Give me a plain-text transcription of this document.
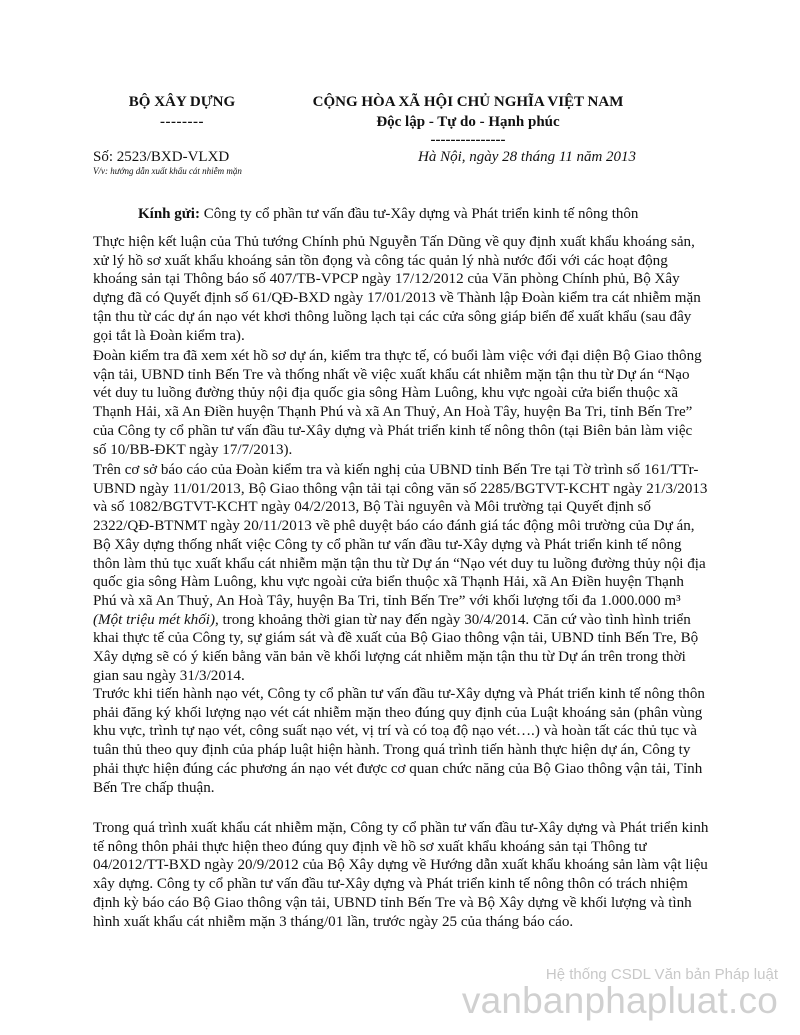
BỘ XÂY DỰNG
--------
CỘNG HÒA XÃ HỘI CHỦ NGHĨA VIỆT NAM
Độc lập - Tự do - Hạnh phúc
---------------
Số: 2523/BXD-VLXD
V/v: hướng dẫn xuất khẩu cát nhiễm mặn
Hà Nội, ngày 28 tháng 11 năm 2013
Kính gửi: Công ty cổ phần tư vấn đầu tư-Xây dựng và Phát triển kinh tế nông thôn
Thực hiện kết luận của Thủ tướng Chính phủ Nguyễn Tấn Dũng về quy định xuất khẩu khoáng sản, xử lý hồ sơ xuất khẩu khoáng sản tồn đọng và công tác quản lý nhà nước đối với các hoạt động khoáng sản tại Thông báo số 407/TB-VPCP ngày 17/12/2012 của Văn phòng Chính phủ, Bộ Xây dựng đã có Quyết định số 61/QĐ-BXD ngày 17/01/2013 về Thành lập Đoàn kiểm tra cát nhiễm mặn tận thu từ các dự án nạo vét khơi thông luồng lạch tại các cửa sông giáp biển để xuất khẩu (sau đây gọi tắt là Đoàn kiểm tra).
Đoàn kiểm tra đã xem xét hồ sơ dự án, kiểm tra thực tế, có buổi làm việc với đại diện Bộ Giao thông vận tải, UBND tỉnh Bến Tre và thống nhất về việc xuất khẩu cát nhiễm mặn tận thu từ Dự án “Nạo vét duy tu luồng đường thủy nội địa quốc gia sông Hàm Luông, khu vực ngoài cửa biển thuộc xã Thạnh Hải, xã An Điền huyện Thạnh Phú và xã An Thuỷ, An Hoà Tây, huyện Ba Tri, tỉnh Bến Tre” của Công ty cổ phần tư vấn đầu tư-Xây dựng và Phát triển kinh tế nông thôn (tại Biên bản làm việc số 10/BB-ĐKT ngày 17/7/2013).
Trên cơ sở báo cáo của Đoàn kiểm tra và kiến nghị của UBND tỉnh Bến Tre tại Tờ trình số 161/TTr-UBND ngày 11/01/2013, Bộ Giao thông vận tải tại công văn số 2285/BGTVT-KCHT ngày 21/3/2013 và số 1082/BGTVT-KCHT ngày 04/2/2013, Bộ Tài nguyên và Môi trường tại Quyết định số 2322/QĐ-BTNMT ngày 20/11/2013 về phê duyệt báo cáo đánh giá tác động môi trường của Dự án, Bộ Xây dựng thống nhất việc Công ty cổ phần tư vấn đầu tư-Xây dựng và Phát triển kinh tế nông thôn làm thủ tục xuất khẩu cát nhiễm mặn tận thu từ Dự án “Nạo vét duy tu luồng đường thủy nội địa quốc gia sông Hàm Luông, khu vực ngoài cửa biển thuộc xã Thạnh Hải, xã An Điền huyện Thạnh Phú và xã An Thuỷ, An Hoà Tây, huyện Ba Tri, tỉnh Bến Tre” với khối lượng tối đa 1.000.000 m³ (Một triệu mét khối), trong khoảng thời gian từ nay đến ngày 30/4/2014. Căn cứ vào tình hình triển khai thực tế của Công ty, sự giám sát và đề xuất của Bộ Giao thông vận tải, UBND tỉnh Bến Tre, Bộ Xây dựng sẽ có ý kiến bằng văn bản về khối lượng cát nhiễm mặn tận thu từ Dự án trên trong thời gian sau ngày 31/3/2014.
Trước khi tiến hành nạo vét, Công ty cổ phần tư vấn đầu tư-Xây dựng và Phát triển kinh tế nông thôn phải đăng ký khối lượng nạo vét cát nhiễm mặn theo đúng quy định của Luật khoáng sản (phân vùng khu vực, trình tự nạo vét, công suất nạo vét, vị trí và có toạ độ nạo vét….) và hoàn tất các thủ tục và tuân thủ theo quy định của pháp luật hiện hành. Trong quá trình tiến hành thực hiện dự án, Công ty phải thực hiện đúng các phương án nạo vét được cơ quan chức năng của Bộ Giao thông vận tải, Tỉnh Bến Tre chấp thuận.
Trong quá trình xuất khẩu cát nhiễm mặn, Công ty cổ phần tư vấn đầu tư-Xây dựng và Phát triển kinh tế nông thôn phải thực hiện theo đúng quy định về hồ sơ xuất khẩu khoáng sản tại Thông tư 04/2012/TT-BXD ngày 20/9/2012 của Bộ Xây dựng về Hướng dẫn xuất khẩu khoáng sản làm vật liệu xây dựng. Công ty cổ phần tư vấn đầu tư-Xây dựng và Phát triển kinh tế nông thôn có trách nhiệm định kỳ báo cáo Bộ Giao thông vận tải, UBND tỉnh Bến Tre và Bộ Xây dựng về khối lượng và tình hình xuất khẩu cát nhiễm mặn 3 tháng/01 lần, trước ngày 25 của tháng báo cáo.
Hệ thống CSDL Văn bản Pháp luật
vanbanphapluat.co
